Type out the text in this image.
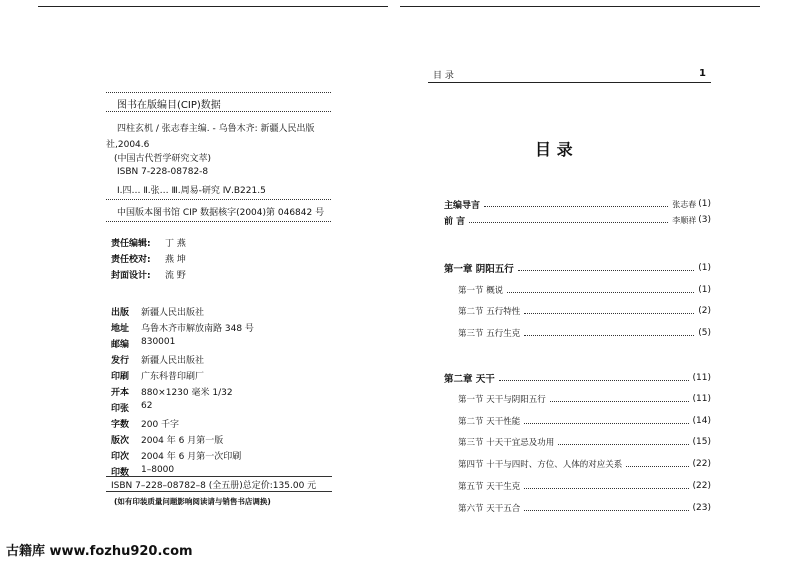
图书在版编目(CIP)数据
四柱玄机 / 张志春主编. - 乌鲁木齐: 新疆人民出版
社,2004.6
(中国古代哲学研究文萃)
ISBN 7-228-08782-8
Ⅰ.四… Ⅱ.张… Ⅲ.周易-研究 Ⅳ.B221.5
中国版本图书馆 CIP 数据核字(2004)第 046842 号
责任编辑: 丁 燕
责任校对: 燕 坤
封面设计: 流 野
出版 新疆人民出版社
地址 乌鲁木齐市解放南路 348 号
邮编 830001
发行 新疆人民出版社
印刷 广东科普印刷厂
开本 880×1230 毫米 1/32
印张 62
字数 200 千字
版次 2004 年 6 月第一版
印次 2004 年 6 月第一次印刷
印数 1–8000
ISBN 7–228–08782–8 (全五册)总定价:135.00 元
(如有印装质量问题影响阅读请与销售书店调换)
目 录	1
目 录
主编导言	张志春 (1)
前 言	李顺祥 (3)
第一章 阴阳五行	(1)
第一节 概说	(1)
第二节 五行特性	(2)
第三节 五行生克	(5)
第二章 天干	(11)
第一节 天干与阴阳五行	(11)
第二节 天干性能	(14)
第三节 十天干宜忌及功用	(15)
第四节 十干与四时、方位、人体的对应关系	(22)
第五节 天干生克	(22)
第六节 天干五合	(23)
古籍库 www.fozhu920.com
